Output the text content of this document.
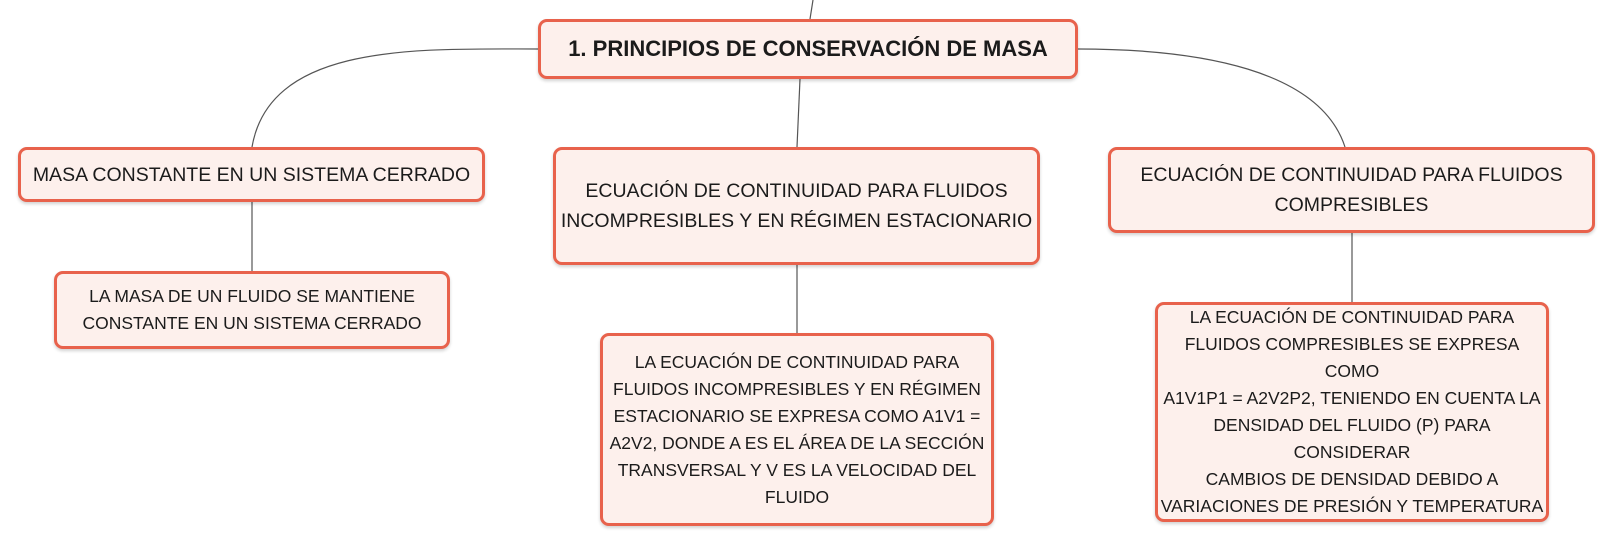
1. PRINCIPIOS DE CONSERVACIÓN DE MASA
MASA CONSTANTE EN UN SISTEMA CERRADO
ECUACIÓN DE CONTINUIDAD PARA FLUIDOS
INCOMPRESIBLES Y EN RÉGIMEN ESTACIONARIO
ECUACIÓN DE CONTINUIDAD PARA FLUIDOS
COMPRESIBLES
LA MASA DE UN FLUIDO SE MANTIENE
CONSTANTE EN UN SISTEMA CERRADO
LA ECUACIÓN DE CONTINUIDAD PARA
FLUIDOS INCOMPRESIBLES Y EN RÉGIMEN
ESTACIONARIO SE EXPRESA COMO A1V1 =
A2V2, DONDE A ES EL ÁREA DE LA SECCIÓN
TRANSVERSAL Y V ES LA VELOCIDAD DEL
FLUIDO
LA ECUACIÓN DE CONTINUIDAD PARA
FLUIDOS COMPRESIBLES SE EXPRESA COMO
A1V1P1 = A2V2P2, TENIENDO EN CUENTA LA
DENSIDAD DEL FLUIDO (P) PARA CONSIDERAR
CAMBIOS DE DENSIDAD DEBIDO A
VARIACIONES DE PRESIÓN Y TEMPERATURA
